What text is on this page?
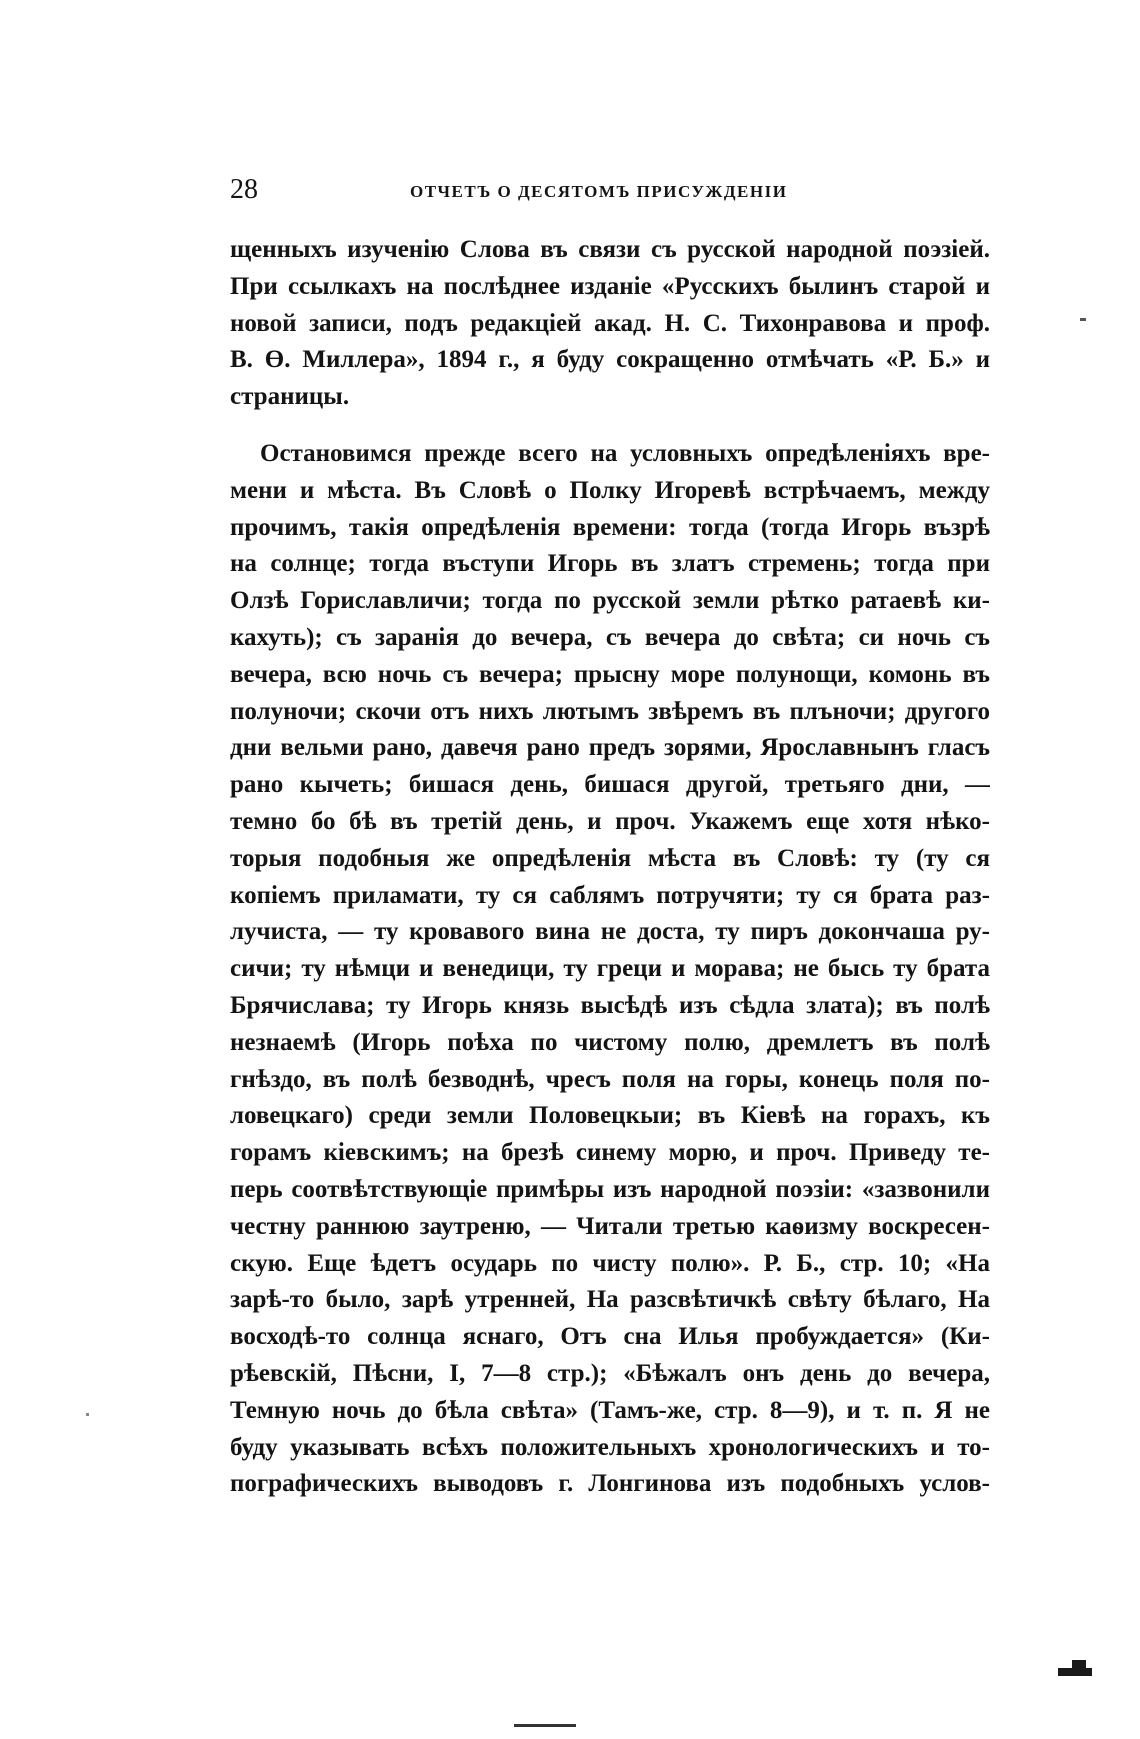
28	ОТЧЕТЪ О ДЕСЯТОМЪ ПРИСУЖДЕНІИ
щенныхъ изученію Слова въ связи съ русской народной поэзіей.
При ссылкахъ на послѣднее изданіе «Русскихъ былинъ старой и
новой записи, подъ редакціей акад. Н. С. Тихонравова и проф.
В. Ө. Миллера», 1894 г., я буду сокращенно отмѣчать «Р. Б.» и
страницы.
Остановимся прежде всего на условныхъ опредѣленіяхъ вре-
мени и мѣста. Въ Словѣ о Полку Игоревѣ встрѣчаемъ, между
прочимъ, такія опредѣленія времени: тогда (тогда Игорь възрѣ
на солнце; тогда въступи Игорь въ златъ стремень; тогда при
Олзѣ Гориславличи; тогда по русской земли рѣтко ратаевѣ ки-
кахуть); съ заранія до вечера, съ вечера до свѣта; си ночь съ
вечера, всю ночь съ вечера; прысну море полунощи, комонь въ
полуночи; скочи отъ нихъ лютымъ звѣремъ въ плъночи; другого
дни вельми рано, давечя рано предъ зорями, Ярославнынъ гласъ
рано кычеть; бишася день, бишася другой, третьяго дни, —
темно бо бѣ въ третій день, и проч. Укажемъ еще хотя нѣко-
торыя подобныя же опредѣленія мѣста въ Словѣ: ту (ту ся
копіемъ приламати, ту ся саблямъ потручяти; ту ся брата раз-
лучиста, — ту кровавого вина не доста, ту пиръ докончаша ру-
сичи; ту нѣмци и венедици, ту греци и морава; не бысь ту брата
Брячислава; ту Игорь князь высѣдѣ изъ сѣдла злата); въ полѣ
незнаемѣ (Игорь поѣха по чистому полю, дремлетъ въ полѣ
гнѣздо, въ полѣ безводнѣ, чресъ поля на горы, конець поля по-
ловецкаго) среди земли Половецкыи; въ Кіевѣ на горахъ, къ
горамъ кіевскимъ; на брезѣ синему морю, и проч. Приведу те-
перь соотвѣтствующіе примѣры изъ народной поэзіи: «зазвонили
честну раннюю заутреню, — Читали третью каѳизму воскресен-
скую. Еще ѣдетъ осударь по чисту полю». Р. Б., стр. 10; «На
зарѣ-то было, зарѣ утренней, На разсвѣтичкѣ свѣту бѣлаго, На
восходѣ-то солнца яснаго, Отъ сна Илья пробуждается» (Ки-
рѣевскій, Пѣсни, I, 7—8 стр.); «Бѣжалъ онъ день до вечера,
Темную ночь до бѣла свѣта» (Тамъ-же, стр. 8—9), и т. п. Я не
буду указывать всѣхъ положительныхъ хронологическихъ и то-
пографическихъ выводовъ г. Лонгинова изъ подобныхъ услов-
